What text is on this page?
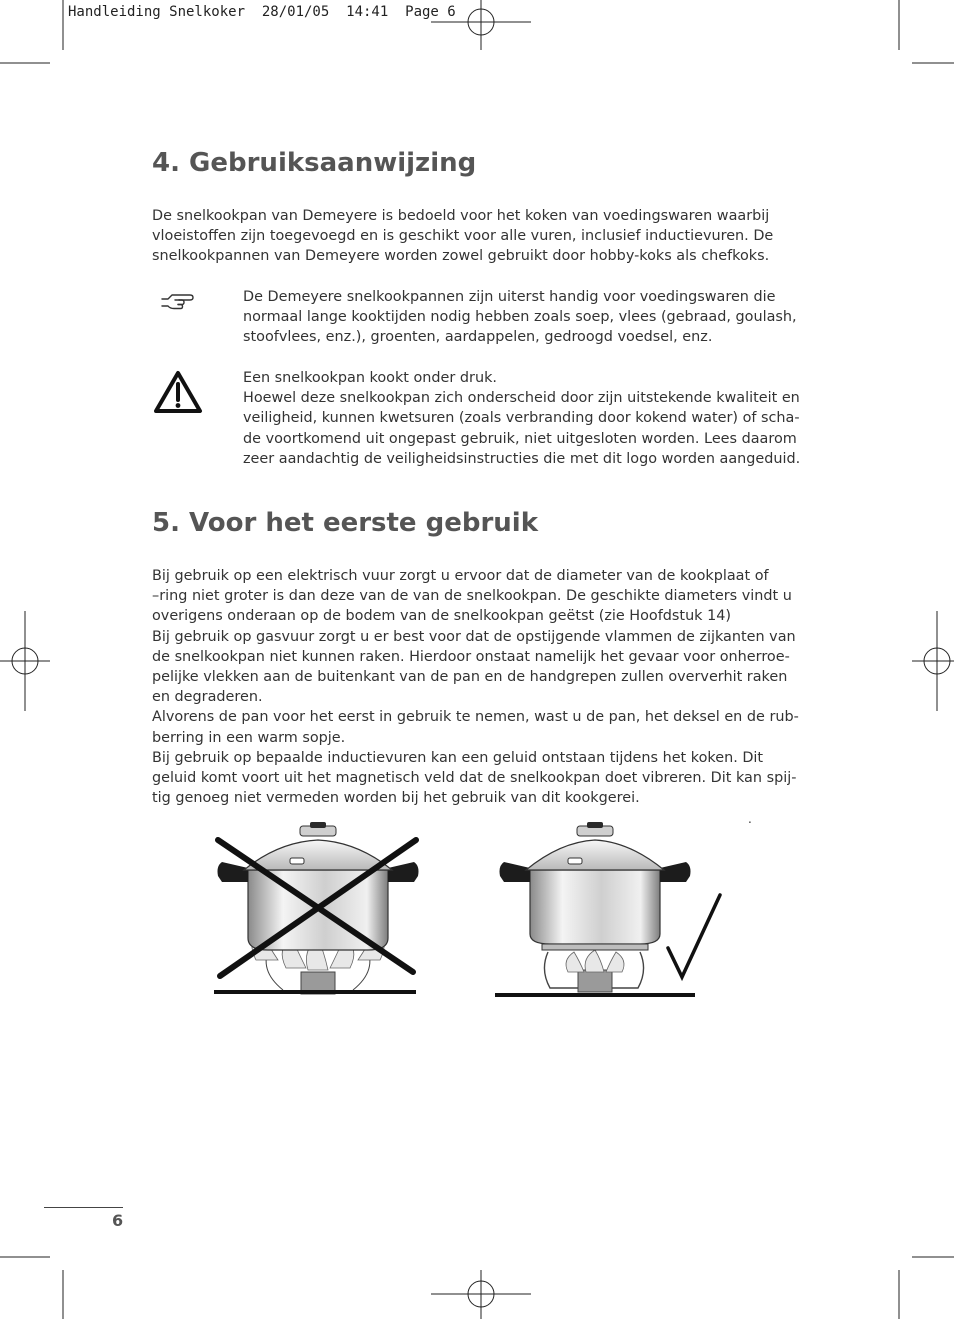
Handleiding Snelkoker  28/01/05  14:41  Page 6

4. Gebruiksaanwijzing
De snelkookpan van Demeyere is bedoeld voor het koken van voedingswaren waarbij
vloeistoffen zijn toegevoegd en is geschikt voor alle vuren, inclusief inductievuren. De
snelkookpannen van Demeyere worden zowel gebruikt door hobby-koks als chefkoks.
De Demeyere snelkookpannen zijn uiterst handig voor voedingswaren die
normaal lange kooktijden nodig hebben zoals soep, vlees (gebraad, goulash,
stoofvlees, enz.), groenten, aardappelen, gedroogd voedsel, enz.
Een snelkookpan kookt onder druk.
Hoewel deze snelkookpan zich onderscheid door zijn uitstekende kwaliteit en
veiligheid, kunnen kwetsuren (zoals verbranding door kokend water) of scha-
de voortkomend uit ongepast gebruik, niet uitgesloten worden. Lees daarom
zeer aandachtig de veiligheidsinstructies die met dit logo worden aangeduid.
5. Voor het eerste gebruik
Bij gebruik op een elektrisch vuur zorgt u ervoor dat de diameter van de kookplaat of
–ring niet groter is dan deze van de van de snelkookpan. De geschikte diameters vindt u
overigens onderaan op de bodem van de snelkookpan geëtst (zie Hoofdstuk 14)
Bij gebruik op gasvuur zorgt u er best voor dat de opstijgende vlammen de zijkanten van
de snelkookpan niet kunnen raken. Hierdoor onstaat namelijk het gevaar voor onherroe-
pelijke vlekken aan de buitenkant van de pan en de handgrepen zullen oververhit raken
en degraderen.
Alvorens de pan voor het eerst in gebruik te nemen, wast u de pan, het deksel en de rub-
berring in een warm sopje.
Bij gebruik op bepaalde inductievuren kan een geluid ontstaan tijdens het koken. Dit
geluid komt voort uit het magnetisch veld dat de snelkookpan doet vibreren. Dit kan spij-
tig genoeg niet vermeden worden bij het gebruik van dit kookgerei.
.
6
